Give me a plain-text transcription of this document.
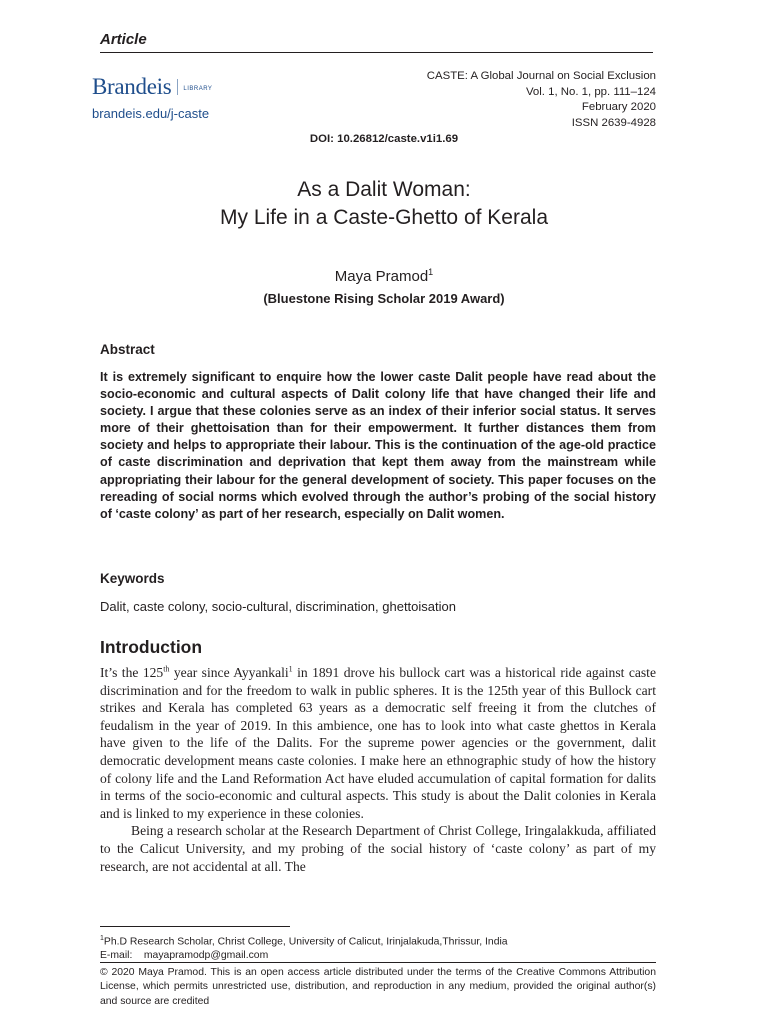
Article
Brandeis LIBRARY
brandeis.edu/j-caste
CASTE: A Global Journal on Social Exclusion
Vol. 1, No. 1, pp. 111–124
February 2020
ISSN 2639-4928
DOI: 10.26812/caste.v1i1.69
As a Dalit Woman:
My Life in a Caste-Ghetto of Kerala
Maya Pramod$^1$
(Bluestone Rising Scholar 2019 Award)
Abstract
It is extremely significant to enquire how the lower caste Dalit people have read about the socio-economic and cultural aspects of Dalit colony life that have changed their life and society. I argue that these colonies serve as an index of their inferior social status. It serves more of their ghettoisation than for their empowerment. It further distances them from society and helps to appropriate their labour. This is the continuation of the age-old practice of caste discrimination and deprivation that kept them away from the mainstream while appropriating their labour for the general development of society. This paper focuses on the rereading of social norms which evolved through the author’s probing of the social history of ‘caste colony’ as part of her research, especially on Dalit women.
Keywords
Dalit, caste colony, socio-cultural, discrimination, ghettoisation
Introduction

It’s the 125th year since Ayyankali$^1$ in 1891 drove his bullock cart was a historical ride against caste discrimination and for the freedom to walk in public spheres. It is the 125th year of this Bullock cart strikes and Kerala has completed 63 years as a democratic self freeing it from the clutches of feudalism in the year of 2019. In this ambience, one has to look into what caste ghettos in Kerala have given to the life of the Dalits. For the supreme power agencies or the government, dalit democratic development means caste colonies. I make here an ethnographic study of how the history of colony life and the Land Reformation Act have eluded accumulation of capital formation for dalits in terms of the socio-economic and cultural aspects. This study is about the Dalit colonies in Kerala and is linked to my experience in these colonies.

Being a research scholar at the Research Department of Christ College, Iringalakkuda, affiliated to the Calicut University, and my probing of the social history of ‘caste colony’ as part of my research, are not accidental at all. The

$^1$Ph.D Research Scholar, Christ College, University of Calicut, Irinjalakuda,Thrissur, India
E-mail: mayapramodp@gmail.com
© 2020 Maya Pramod. This is an open access article distributed under the terms of the Creative Commons Attribution License, which permits unrestricted use, distribution, and reproduction in any medium, provided the original author(s) and source are credited
